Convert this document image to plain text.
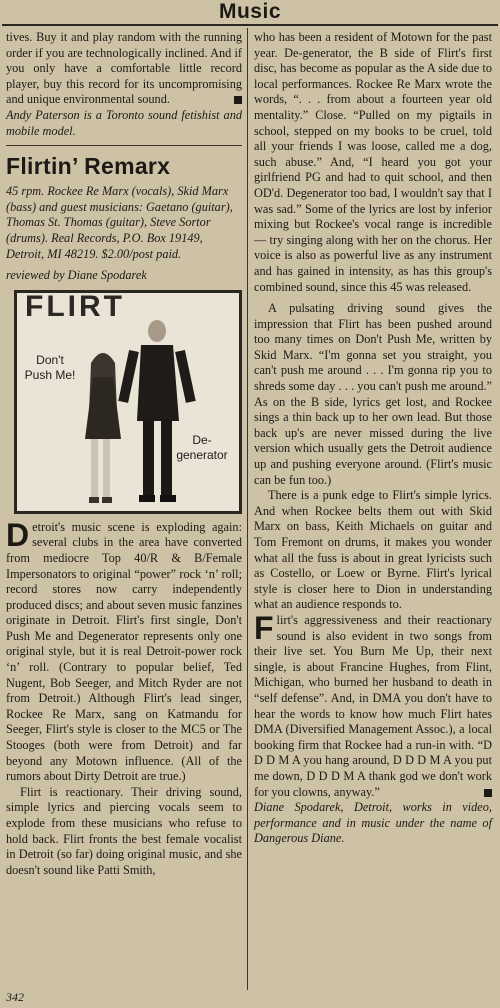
Music

tives. Buy it and play random with the running order if you are technologically inclined. And if you only have a comfortable little record player, buy this record for its uncompromising and unique environmental sound.

Andy Paterson is a Toronto sound fetishist and mobile model.

Flirtin’ Remarx

45 rpm. Rockee Re Marx (vocals), Skid Marx (bass) and guest musicians: Gaetano (guitar), Thomas St. Thomas (guitar), Steve Sortor (drums). Real Records, P.O. Box 19149, Detroit, MI 48219. $2.00/post paid.

reviewed by Diane Spodarek

FLIRT
Don't Push Me!
De-generator

Detroit's music scene is exploding again: several clubs in the area have converted from mediocre Top 40/R & B/Female Impersonators to original “power” rock ‘n’ roll; record stores now carry independently produced discs; and about seven music fanzines originate in Detroit. Flirt's first single, Don't Push Me and Degenerator represents only one original style, but it is real Detroit-power rock ‘n’ roll. (Contrary to popular belief, Ted Nugent, Bob Seeger, and Mitch Ryder are not from Detroit.) Although Flirt's lead singer, Rockee Re Marx, sang on Katmandu for Seeger, Flirt's style is closer to the MC5 or The Stooges (both were from Detroit) and far beyond any Motown influence. (All of the rumors about Dirty Detroit are true.)

Flirt is reactionary. Their driving sound, simple lyrics and piercing vocals seem to explode from these musicians who refuse to hold back. Flirt fronts the best female vocalist in Detroit (so far) doing original music, and she doesn't sound like Patti Smith,

who has been a resident of Motown for the past year. De-generator, the B side of Flirt's first disc, has become as popular as the A side due to local performances. Rockee Re Marx wrote the words, “. . . from about a fourteen year old mentality.” Close. “Pulled on my pigtails in school, stepped on my books to be cruel, told all your friends I was loose, called me a dog, such abuse.” And, “I heard you got your girlfriend PG and had to quit school, and then OD'd. Degenerator too bad, I wouldn't say that I was sad.” Some of the lyrics are lost by inferior mixing but Rockee's vocal range is incredible — try singing along with her on the chorus. Her voice is also as powerful live as any instrument and has gained in intensity, as has this group's combined sound, since this 45 was released.

A pulsating driving sound gives the impression that Flirt has been pushed around too many times on Don't Push Me, written by Skid Marx. “I'm gonna set you straight, you can't push me around . . . I'm gonna rip you to shreds some day . . . you can't push me around.” As on the B side, lyrics get lost, and Rockee sings a thin back up to her own lead. But those back up's are never missed during the live version which usually gets the Detroit audience up and pushing everyone around. (Flirt's music can be fun too.)

There is a punk edge to Flirt's simple lyrics. And when Rockee belts them out with Skid Marx on bass, Keith Michaels on guitar and Tom Fremont on drums, it makes you wonder what all the fuss is about in great lyricists such as Costello, or Loew or Byrne. Flirt's lyrical style is closer here to Dion in understanding what an audience responds to.

Flirt's aggressiveness and their reactionary sound is also evident in two songs from their live set. You Burn Me Up, their next single, is about Francine Hughes, from Flint, Michigan, who burned her husband to death in “self defense”. And, in DMA you don't have to hear the words to know how much Flirt hates DMA (Diversified Management Assoc.), a local booking firm that Rockee had a run-in with. “D D D M A you hang around, D D D M A you put me down, D D D M A thank god we don't work for you clowns, anyway.”

Diane Spodarek, Detroit, works in video, performance and in music under the name of Dangerous Diane.

342
